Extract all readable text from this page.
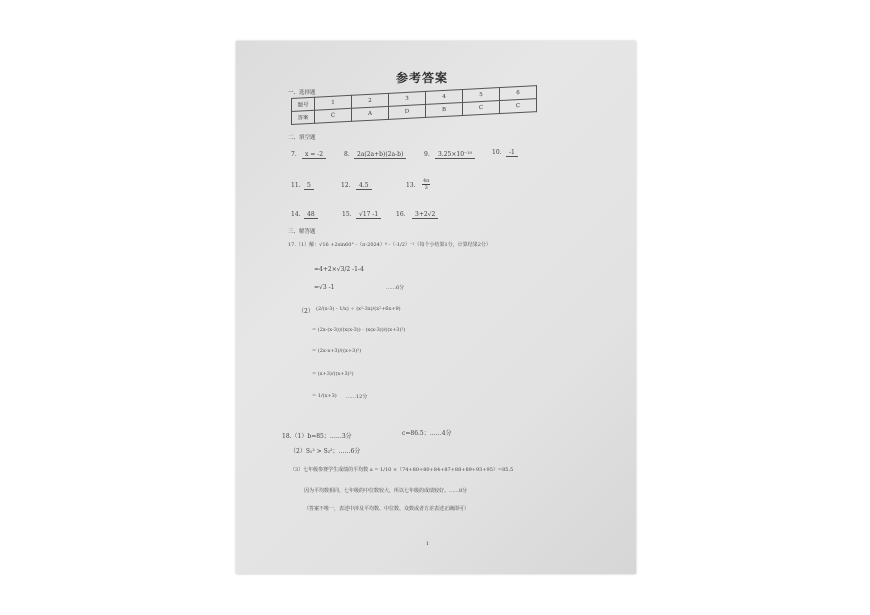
参考答案
一、选择题
题号	1	2	3	4	5	6
答案	C	A	D	B	C	C
二、填空题
7.	x = -2	8.	2a(2a+b)(2a-b)	9.	3.25×10⁻¹⁰	10.	-1
11.	5	12.	4.5	13. $\frac{4\pi}{3}$
14.	48	15.	√17 -1	16.	3+2√2
三、解答题
17.（1）解：√16 +2sin60° -（π-2024）⁰ -（-1/2）⁻²（每个小结果1分，计算结果2分）
=4+2×√3/2 -1-4
=√3 -1	……6分
（2） (2/(x-3) - 1/x) ÷ (x²-3x)/(x²+6x+9)
= (2x-(x-3))/(x(x-3)) · (x(x-3))/((x+3)²)
= (2x-x+3)/((x+3)²)
= (x+3)/((x+3)²)
= 1/(x+3) ……12分
18.（1）b=85；……3分	c=86.5；……4分
（2）S₁² > S₂²；……6分
（3）七年级参赛学生成绩的平均数 a = 1/10 ×（74+80+80+84+87+88+89+93+95）=85.5
因为平均数相同，七年级的中位数较大，所以七年级的成绩较好。……8分
（答案不唯一，表述中涉及平均数、中位数、众数或者方差表述正确即可）
1
